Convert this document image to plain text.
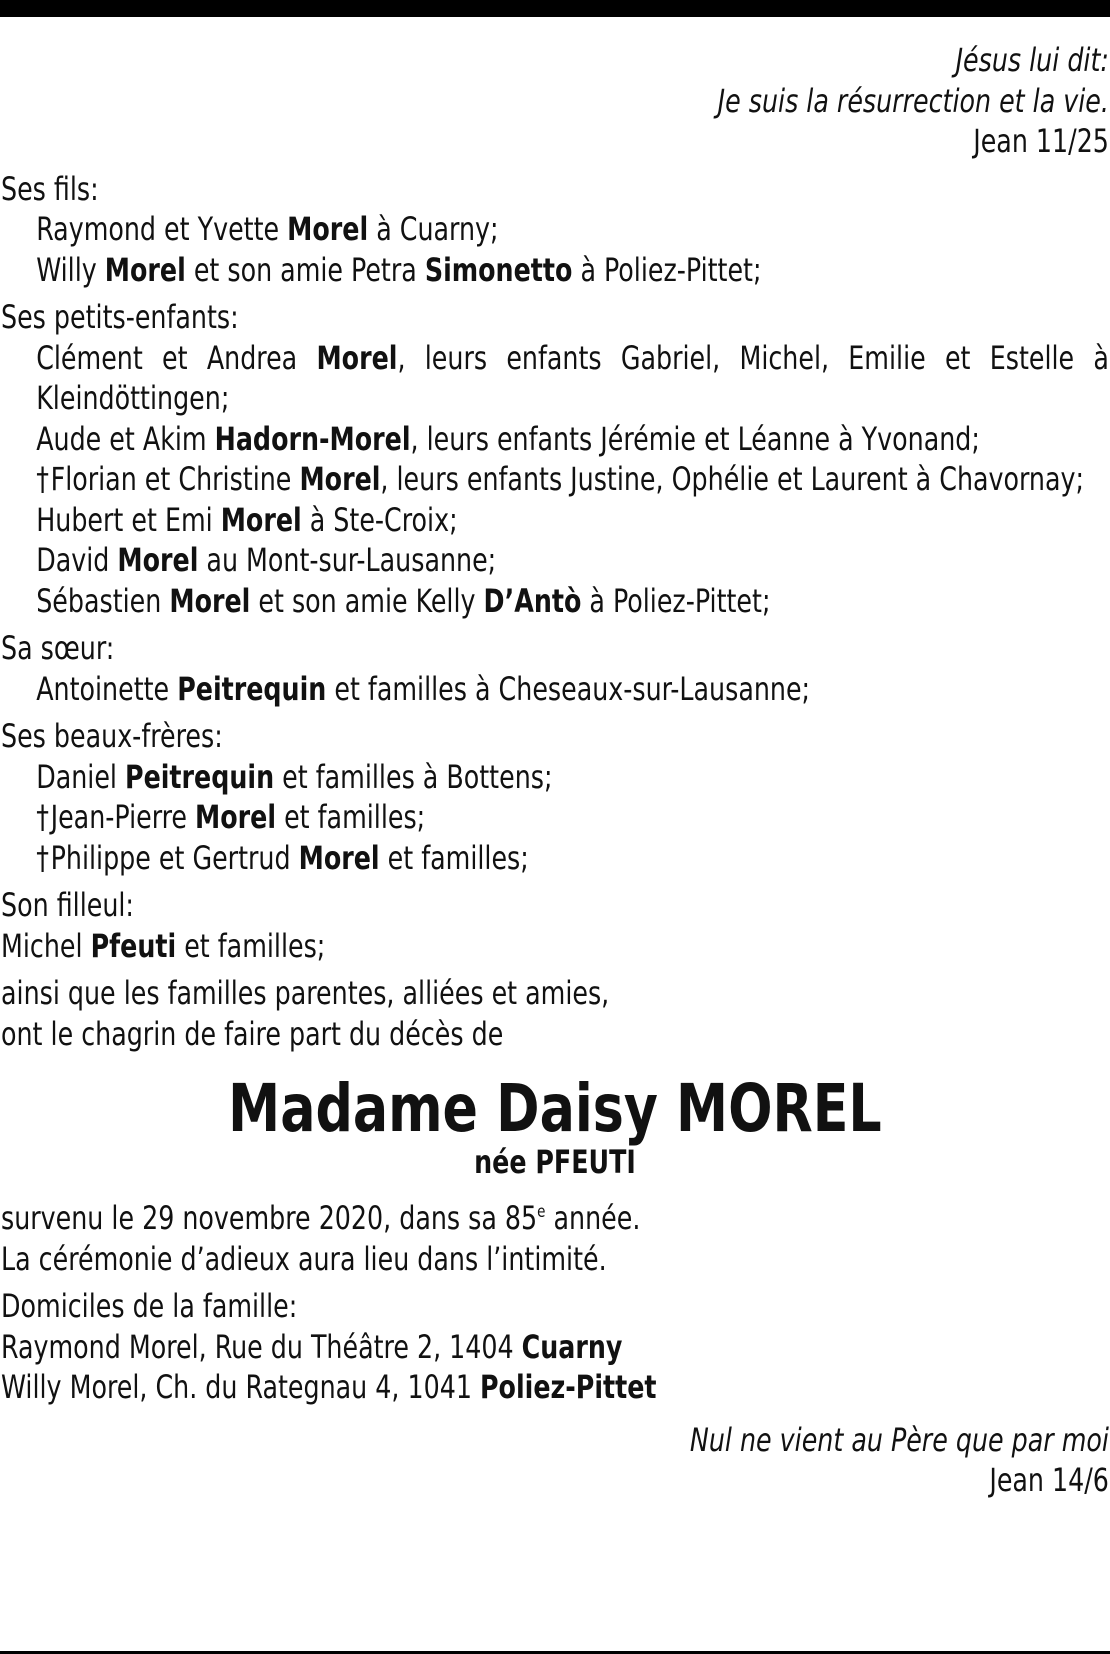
Jésus lui dit:
Je suis la résurrection et la vie.
Jean 11/25
Ses fils:
Raymond et Yvette Morel à Cuarny;
Willy Morel et son amie Petra Simonetto à Poliez-Pittet;
Ses petits-enfants:
Clément et Andrea Morel, leurs enfants Gabriel, Michel, Emilie et Estelle à Kleindöttingen;
Aude et Akim Hadorn-Morel, leurs enfants Jérémie et Léanne à Yvonand;
†Florian et Christine Morel, leurs enfants Justine, Ophélie et Laurent à Chavornay;
Hubert et Emi Morel à Ste-Croix;
David Morel au Mont-sur-Lausanne;
Sébastien Morel et son amie Kelly D’Antò à Poliez-Pittet;
Sa sœur:
Antoinette Peitrequin et familles à Cheseaux-sur-Lausanne;
Ses beaux-frères:
Daniel Peitrequin et familles à Bottens;
†Jean-Pierre Morel et familles;
†Philippe et Gertrud Morel et familles;
Son filleul:
Michel Pfeuti et familles;
ainsi que les familles parentes, alliées et amies,
ont le chagrin de faire part du décès de
Madame Daisy MOREL
née PFEUTI
survenu le 29 novembre 2020, dans sa 85e année.
La cérémonie d’adieux aura lieu dans l’intimité.
Domiciles de la famille:
Raymond Morel, Rue du Théâtre 2, 1404 Cuarny
Willy Morel, Ch. du Rategnau 4, 1041 Poliez-Pittet
Nul ne vient au Père que par moi
Jean 14/6
